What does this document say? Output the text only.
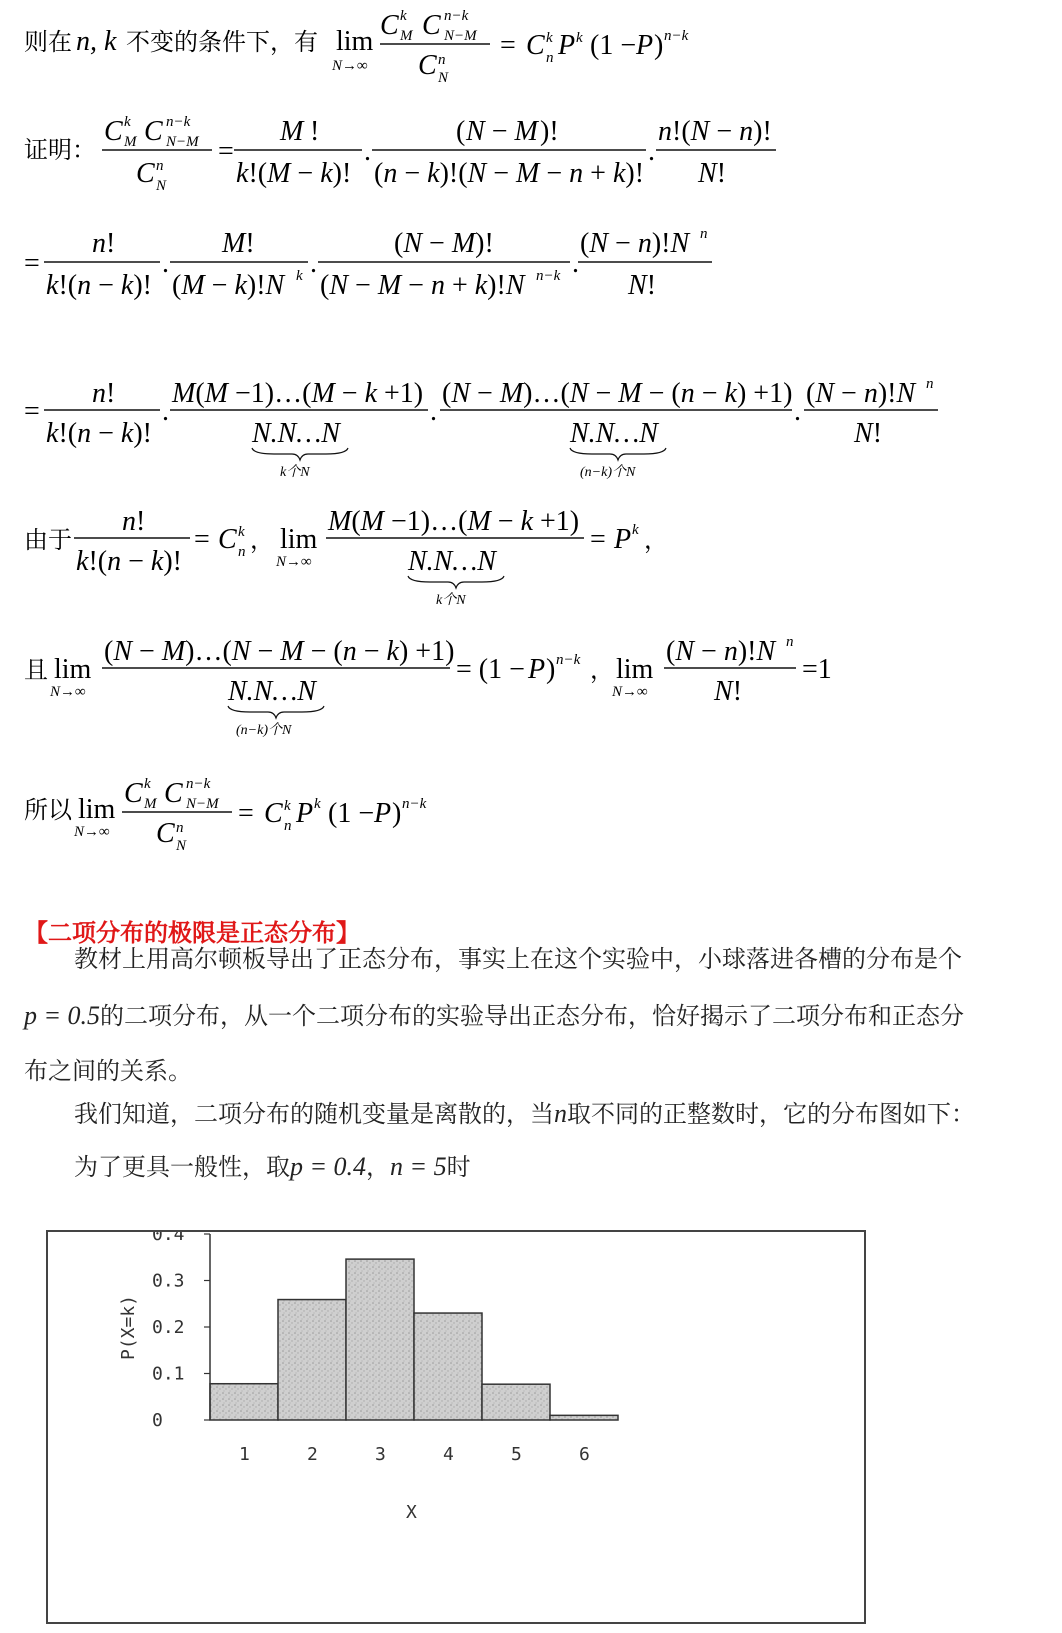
则在 n, k 不变的条件下，有 lim
N→∞
C k
M C n−k
N−M
C n
N
= C k
n P k (1 − P ) n−k
证明：
C k
M C n−k
N−M
C n
N
=
M !
k!(M − k)!
.
( N − M )!
(n − k)!(N − M − n + k)!
.
n!(N − n)!
N!
=
n!
k!(n − k)!
.
M!
(M − k)!N k .
(N − M)!
(N − M − n + k)!N n−k .
(N − n)!N n
N!
=
n!
k!(n − k)!
.
M(M −1)…(M − k +1)
N.N…N
k个N
.
(N − M)…(N − M − (n − k) +1)
N.N…N
(n−k)个N
.
(N − n)!N n
N!
由于
n!
k!(n − k)!
= C k
n ， lim
N→∞
M(M −1)…(M − k +1)
N.N…N
k个N
= P k ，
且 lim
N→∞
(N − M)…(N − M − (n − k) +1)
N.N…N
(n−k)个N
= (1 − P ) n−k ， lim
N→∞
(N − n)!N n
N!
=1
所以 lim
N→∞
C k
M C n−k
N−M
C n
N
= C k
n P k (1 − P ) n−k
【二项分布的极限是正态分布】
教材上用高尔顿板导出了正态分布，事实上在这个实验中，小球落进各槽的分布是个
p = 0.5的二项分布，从一个二项分布的实验导出正态分布，恰好揭示了二项分布和正态分
布之间的关系。
我们知道，二项分布的随机变量是离散的，当n取不同的正整数时，它的分布图如下：
为了更具一般性，取p = 0.4，n = 5时
0
0.1
0.2
0.3
0.4
1	2	3	4	5	6
P(X=k)
X
